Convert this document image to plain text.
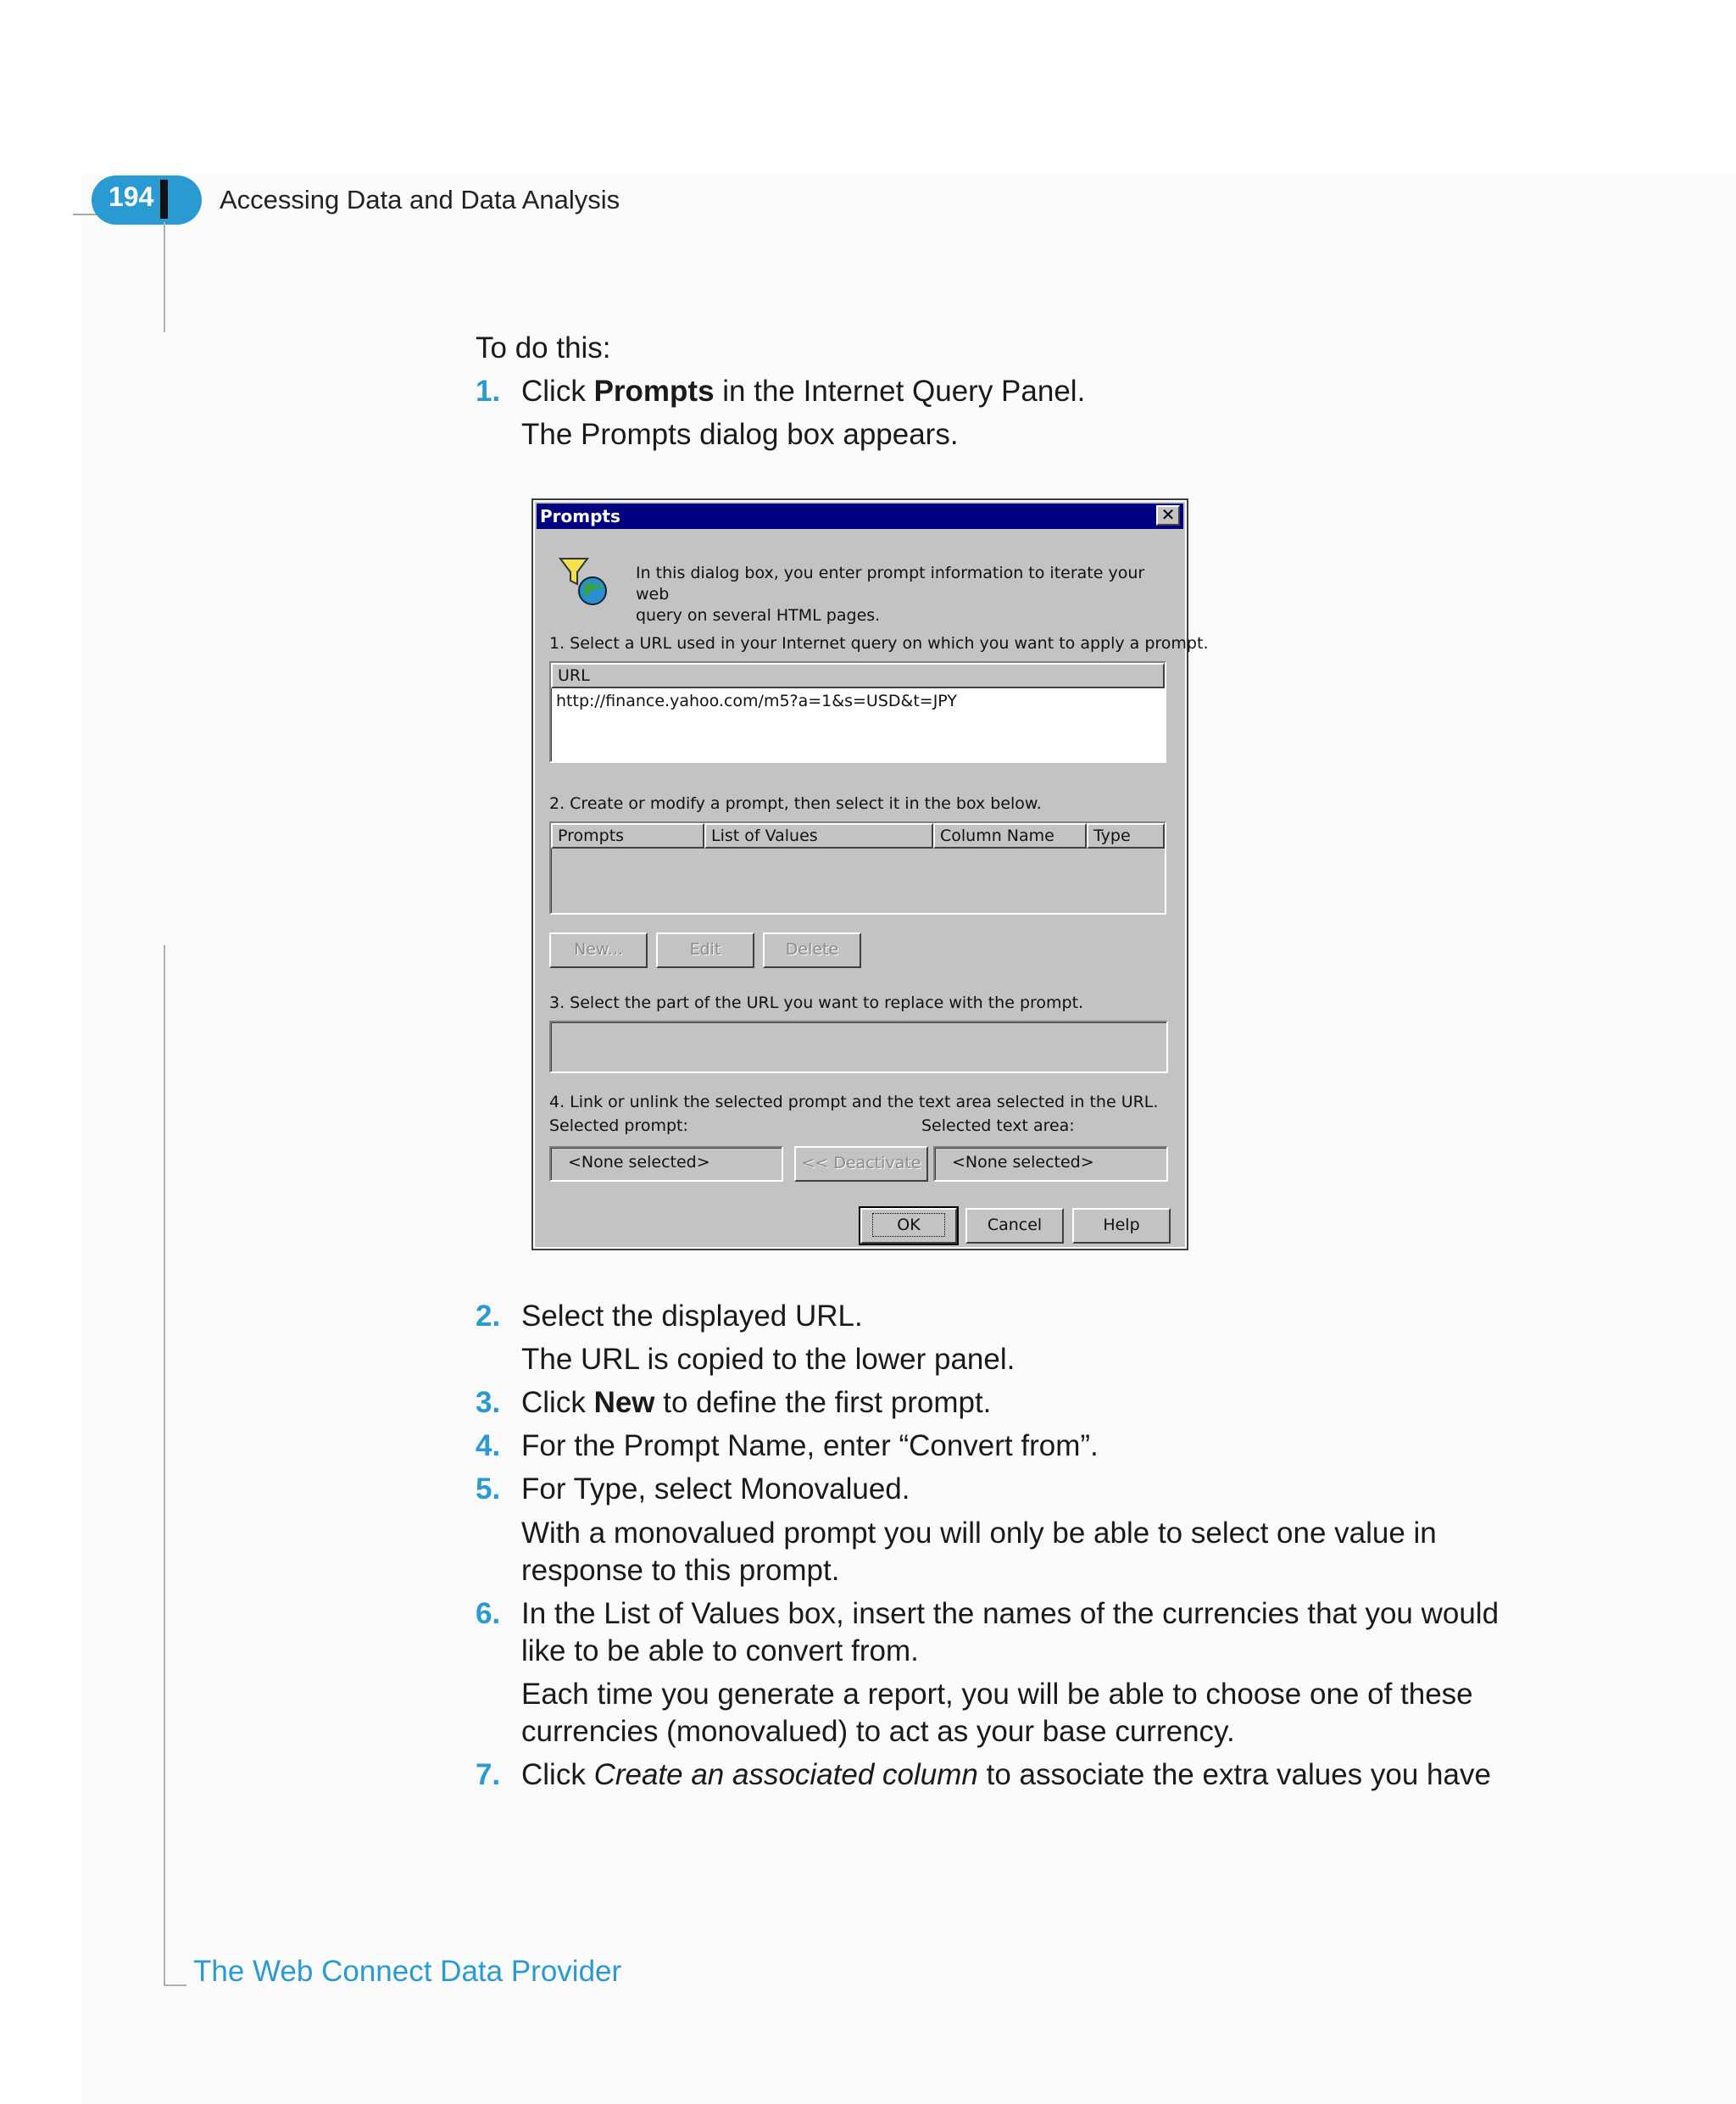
194	Accessing Data and Data Analysis
The Web Connect Data Provider
To do this:
1. Click Prompts in the Internet Query Panel.
The Prompts dialog box appears.
Prompts	✕
In this dialog box, you enter prompt information to iterate your web
query on several HTML pages.
1. Select a URL used in your Internet query on which you want to apply a prompt.
URL
http://finance.yahoo.com/m5?a=1&s=USD&t=JPY
2. Create or modify a prompt, then select it in the box below.
Prompts	List of Values	Column Name	Type
New...	Edit	Delete
3. Select the part of the URL you want to replace with the prompt.
4. Link or unlink the selected prompt and the text area selected in the URL.
Selected prompt:	Selected text area:
<None selected>	<< Deactivate	<None selected>
OK	Cancel	Help
2. Select the displayed URL.
The URL is copied to the lower panel.
3. Click New to define the first prompt.
4. For the Prompt Name, enter “Convert from”.
5. For Type, select Monovalued.
With a monovalued prompt you will only be able to select one value in
response to this prompt.
6. In the List of Values box, insert the names of the currencies that you would
like to be able to convert from.
Each time you generate a report, you will be able to choose one of these
currencies (monovalued) to act as your base currency.
7. Click Create an associated column to associate the extra values you have
